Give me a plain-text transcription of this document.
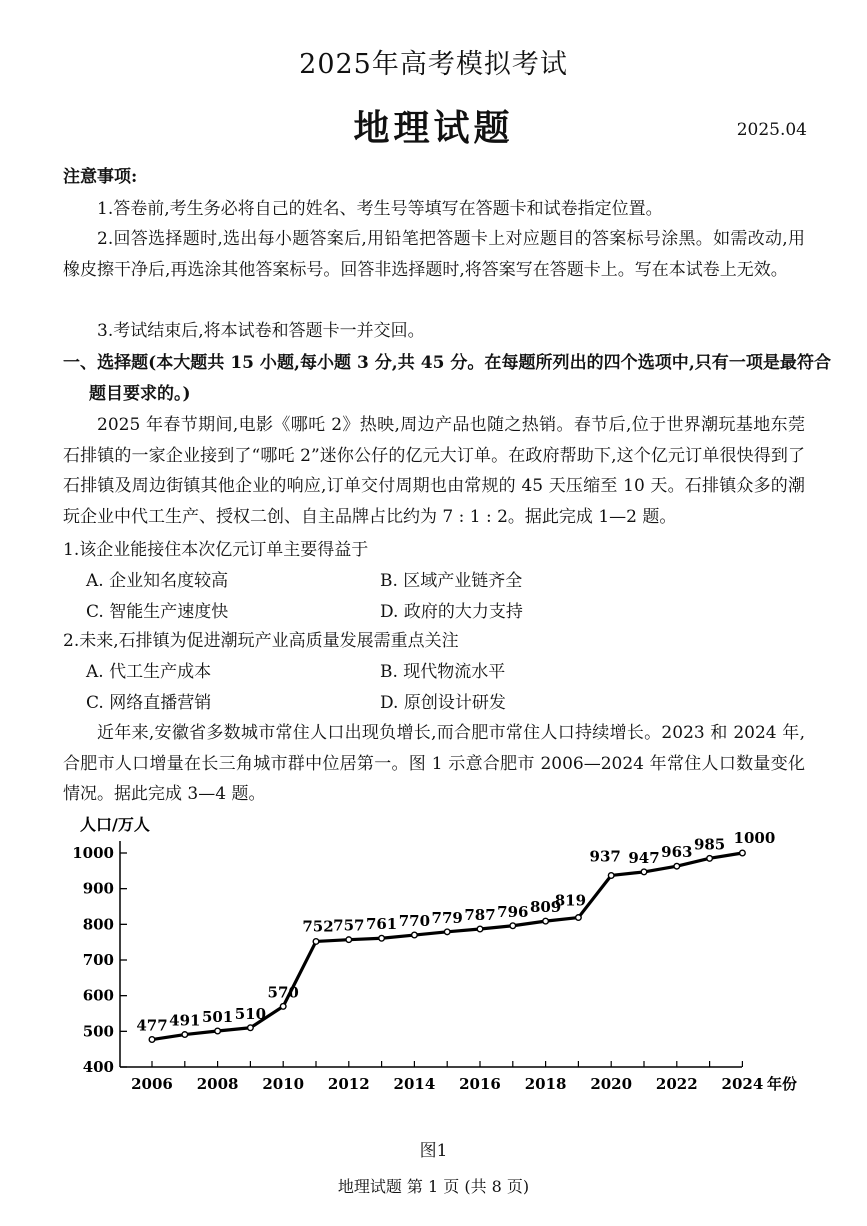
2025年高考模拟考试
地理试题	2025.04
注意事项:
1.答卷前,考生务必将自己的姓名、考生号等填写在答题卡和试卷指定位置。
2.回答选择题时,选出每小题答案后,用铅笔把答题卡上对应题目的答案标号涂黑。如需改动,用橡皮擦干净后,再选涂其他答案标号。回答非选择题时,将答案写在答题卡上。写在本试卷上无效。
3.考试结束后,将本试卷和答题卡一并交回。
一、选择题(本大题共 15 小题,每小题 3 分,共 45 分。在每题所列出的四个选项中,只有一项是最符合题目要求的。)
2025 年春节期间,电影《哪吒 2》热映,周边产品也随之热销。春节后,位于世界潮玩基地东莞石排镇的一家企业接到了“哪吒 2”迷你公仔的亿元大订单。在政府帮助下,这个亿元订单很快得到了石排镇及周边街镇其他企业的响应,订单交付周期也由常规的 45 天压缩至 10 天。石排镇众多的潮玩企业中代工生产、授权二创、自主品牌占比约为 7 : 1 : 2。据此完成 1—2 题。
1.该企业能接住本次亿元订单主要得益于
A. 企业知名度较高	B. 区域产业链齐全
C. 智能生产速度快	D. 政府的大力支持
2.未来,石排镇为促进潮玩产业高质量发展需重点关注
A. 代工生产成本	B. 现代物流水平
C. 网络直播营销	D. 原创设计研发
近年来,安徽省多数城市常住人口出现负增长,而合肥市常住人口持续增长。2023 和 2024 年,合肥市人口增量在长三角城市群中位居第一。图 1 示意合肥市 2006—2024 年常住人口数量变化情况。据此完成 3—4 题。
人口/万人
400
500
600
700
800
900
1000
2006 2008 2010 2012 2014 2016 2018 2020 2022 2024 年份
477 491 501 510
570
752 757 761 770 779 787 796 809
819
937 947 963 985 1000
图1
地理试题 第 1 页 (共 8 页)
